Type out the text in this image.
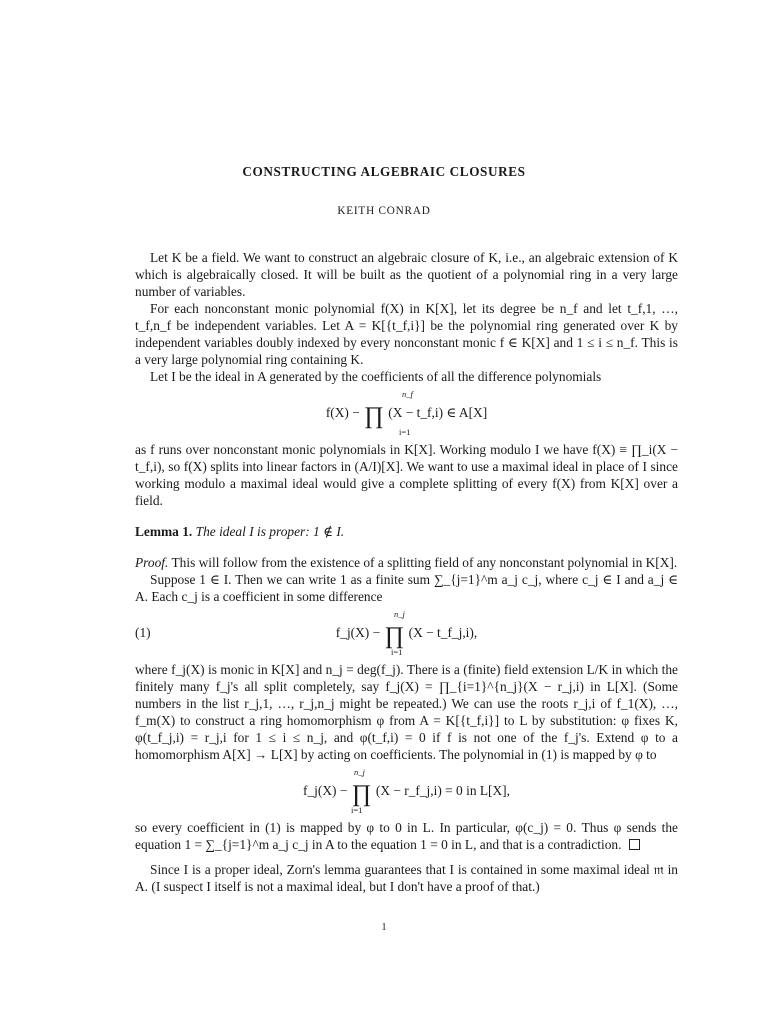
CONSTRUCTING ALGEBRAIC CLOSURES
KEITH CONRAD

Let K be a field. We want to construct an algebraic closure of K, i.e., an algebraic extension of K which is algebraically closed. It will be built as the quotient of a polynomial ring in a very large number of variables.

For each nonconstant monic polynomial f(X) in K[X], let its degree be n_f and let t_f,1, …, t_f,n_f be independent variables. Let A = K[{t_f,i}] be the polynomial ring generated over K by independent variables doubly indexed by every nonconstant monic f ∈ K[X] and 1 ≤ i ≤ n_f. This is a very large polynomial ring containing K.

Let I be the ideal in A generated by the coefficients of all the difference polynomials

n_f
f(X) − ∏ (X − t_f,i) ∈ A[X]
i=1

as f runs over nonconstant monic polynomials in K[X]. Working modulo I we have f(X) ≡ ∏_i(X − t_f,i), so f(X) splits into linear factors in (A/I)[X]. We want to use a maximal ideal in place of I since working modulo a maximal ideal would give a complete splitting of every f(X) from K[X] over a field.

Lemma 1. The ideal I is proper: 1 ∉ I.

Proof. This will follow from the existence of a splitting field of any nonconstant polynomial in K[X].

Suppose 1 ∈ I. Then we can write 1 as a finite sum ∑_{j=1}^m a_j c_j, where c_j ∈ I and a_j ∈ A. Each c_j is a coefficient in some difference

(1)
n_j
f_j(X) − ∏ (X − t_f_j,i),
i=1

where f_j(X) is monic in K[X] and n_j = deg(f_j). There is a (finite) field extension L/K in which the finitely many f_j's all split completely, say f_j(X) = ∏_{i=1}^{n_j}(X − r_j,i) in L[X]. (Some numbers in the list r_j,1, …, r_j,n_j might be repeated.) We can use the roots r_j,i of f_1(X), …, f_m(X) to construct a ring homomorphism φ from A = K[{t_f,i}] to L by substitution: φ fixes K, φ(t_f_j,i) = r_j,i for 1 ≤ i ≤ n_j, and φ(t_f,i) = 0 if f is not one of the f_j's. Extend φ to a homomorphism A[X] → L[X] by acting on coefficients. The polynomial in (1) is mapped by φ to

n_j
f_j(X) − ∏ (X − r_f_j,i) = 0 in L[X],
i=1

so every coefficient in (1) is mapped by φ to 0 in L. In particular, φ(c_j) = 0. Thus φ sends the equation 1 = ∑_{j=1}^m a_j c_j in A to the equation 1 = 0 in L, and that is a contradiction.

Since I is a proper ideal, Zorn's lemma guarantees that I is contained in some maximal ideal 𝔪 in A. (I suspect I itself is not a maximal ideal, but I don't have a proof of that.)

1
